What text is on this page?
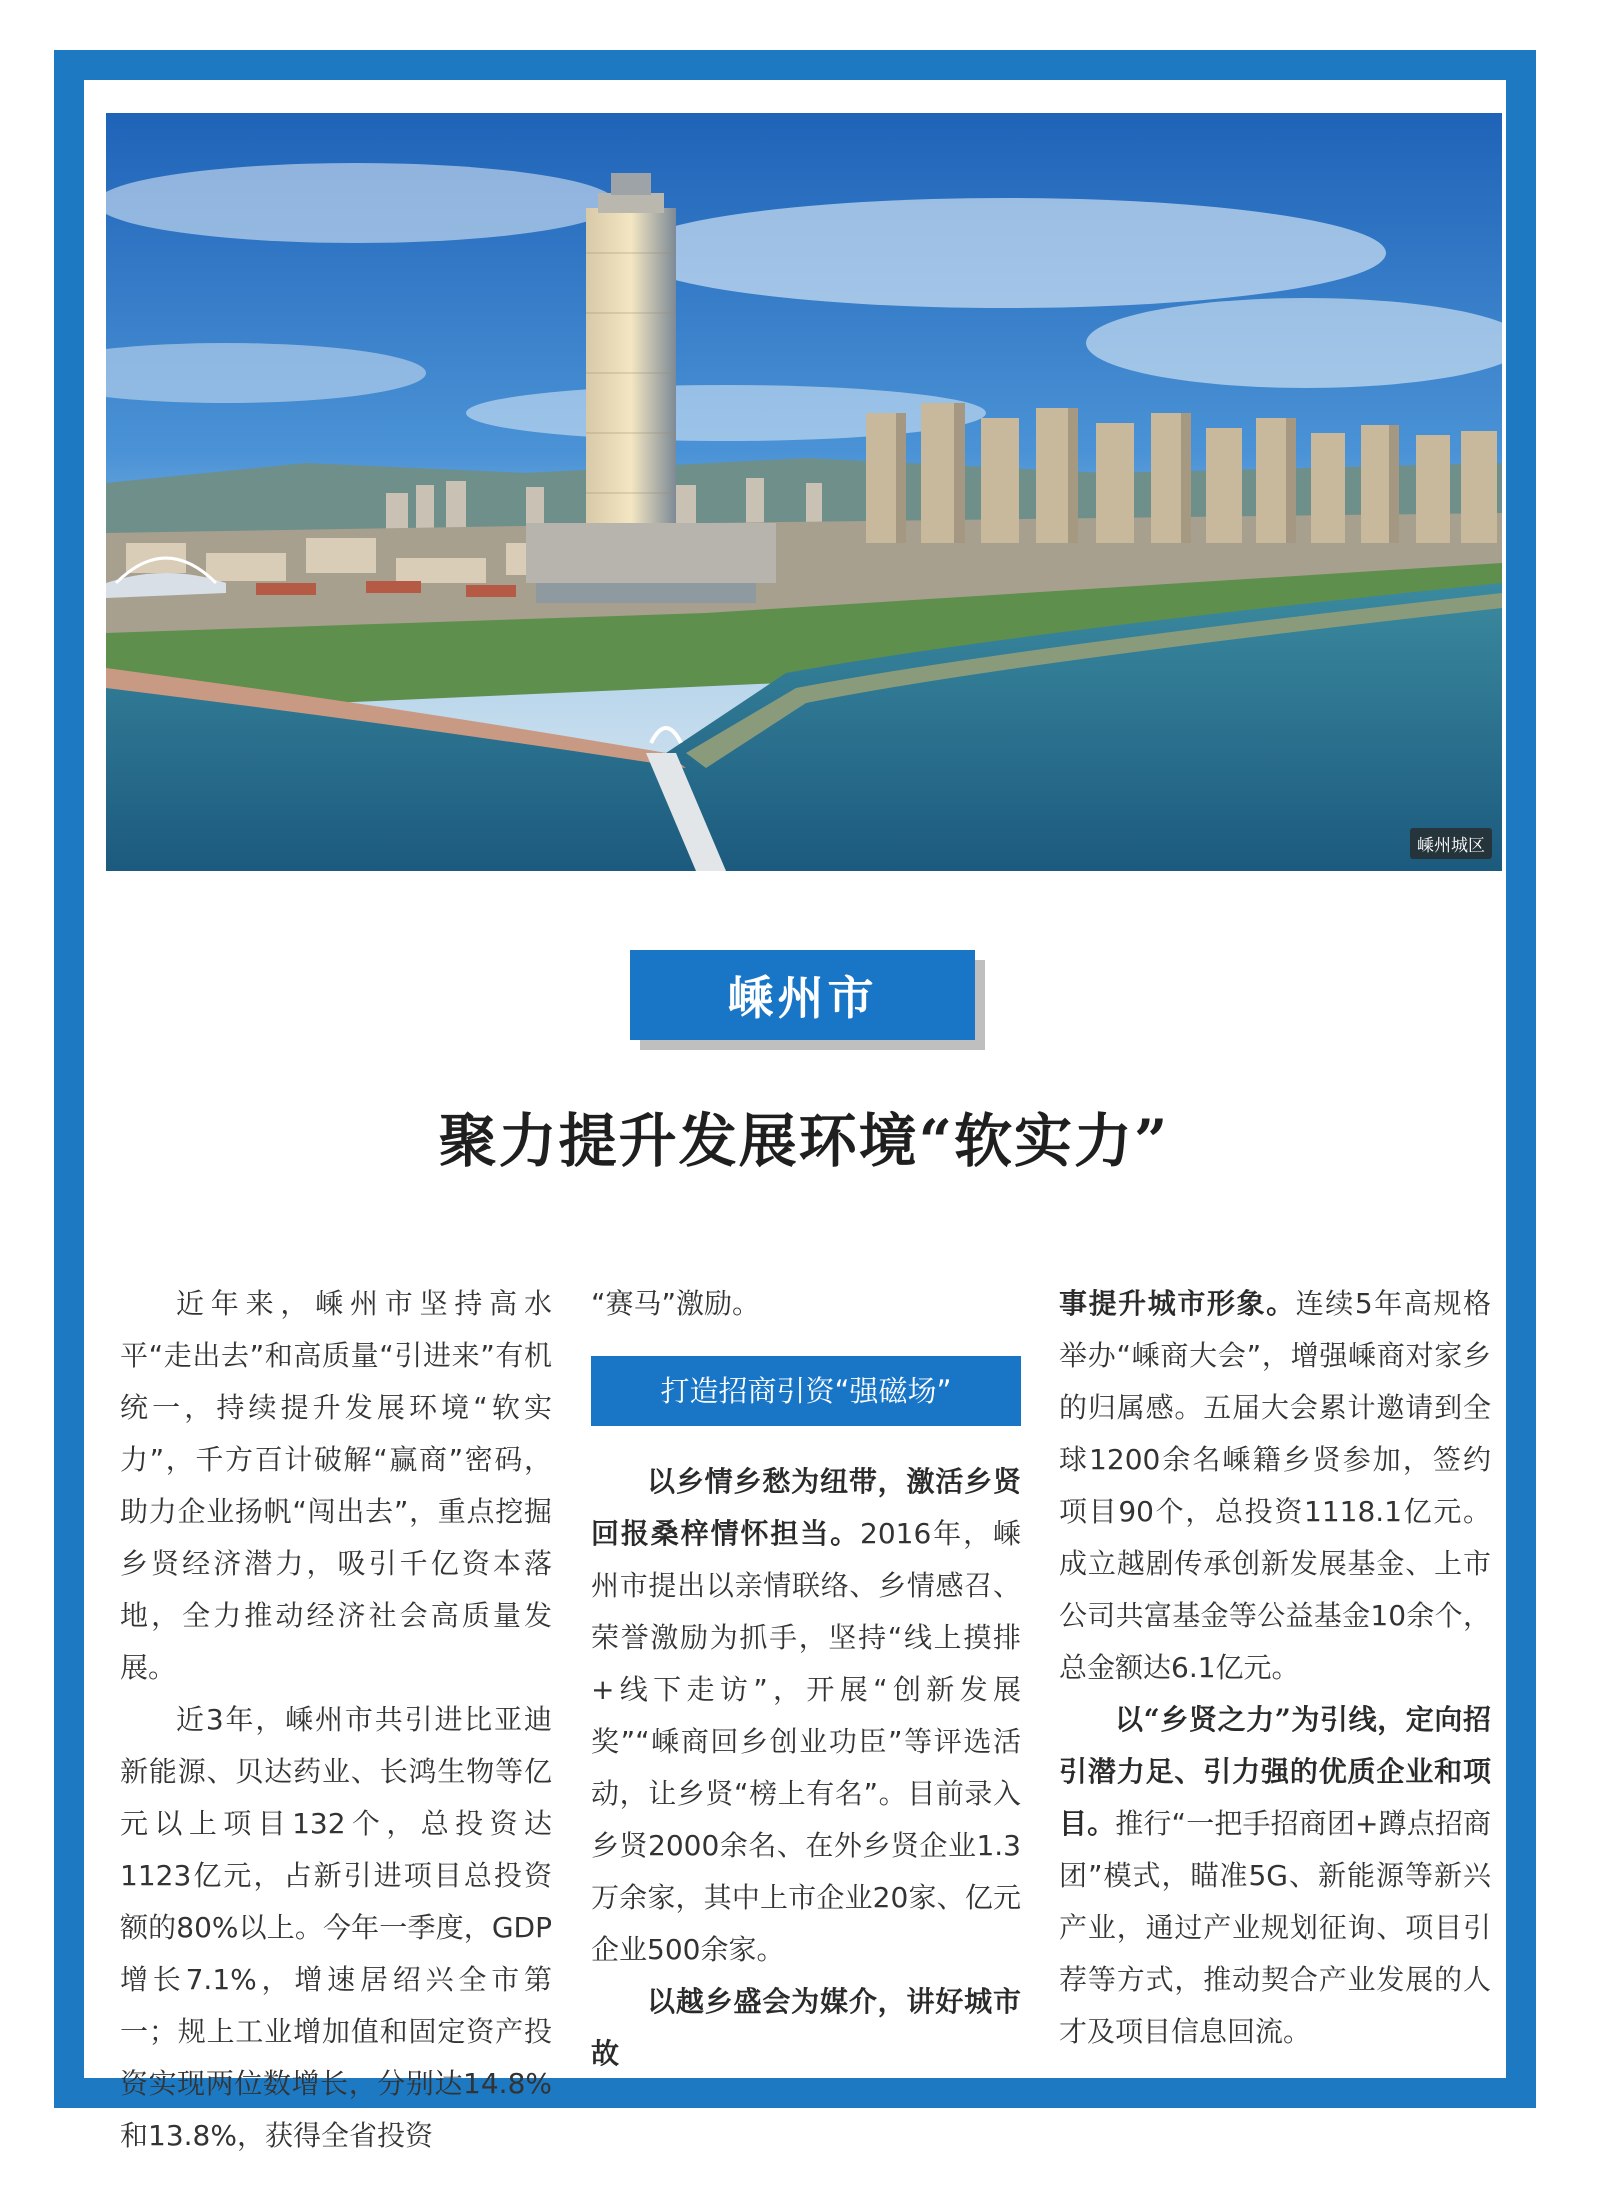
嵊州城区
嵊州市
聚力提升发展环境“软实力”

近年来，嵊州市坚持高水平“走出去”和高质量“引进来”有机统一，持续提升发展环境“软实力”，千方百计破解“赢商”密码，助力企业扬帆“闯出去”，重点挖掘乡贤经济潜力，吸引千亿资本落地，全力推动经济社会高质量发展。

近3年，嵊州市共引进比亚迪新能源、贝达药业、长鸿生物等亿元以上项目132个，总投资达1123亿元，占新引进项目总投资额的80%以上。今年一季度，GDP增长7.1%，增速居绍兴全市第一；规上工业增加值和固定资产投资实现两位数增长，分别达14.8%和13.8%，获得全省投资

“赛马”激励。

打造招商引资“强磁场”

以乡情乡愁为纽带，激活乡贤回报桑梓情怀担当。2016年，嵊州市提出以亲情联络、乡情感召、荣誉激励为抓手，坚持“线上摸排+线下走访”，开展“创新发展奖”“嵊商回乡创业功臣”等评选活动，让乡贤“榜上有名”。目前录入乡贤2000余名、在外乡贤企业1.3万余家，其中上市企业20家、亿元企业500余家。

以越乡盛会为媒介，讲好城市故

事提升城市形象。连续5年高规格举办“嵊商大会”，增强嵊商对家乡的归属感。五届大会累计邀请到全球1200余名嵊籍乡贤参加，签约项目90个，总投资1118.1亿元。成立越剧传承创新发展基金、上市公司共富基金等公益基金10余个，总金额达6.1亿元。

以“乡贤之力”为引线，定向招引潜力足、引力强的优质企业和项目。推行“一把手招商团+蹲点招商团”模式，瞄准5G、新能源等新兴产业，通过产业规划征询、项目引荐等方式，推动契合产业发展的人才及项目信息回流。
